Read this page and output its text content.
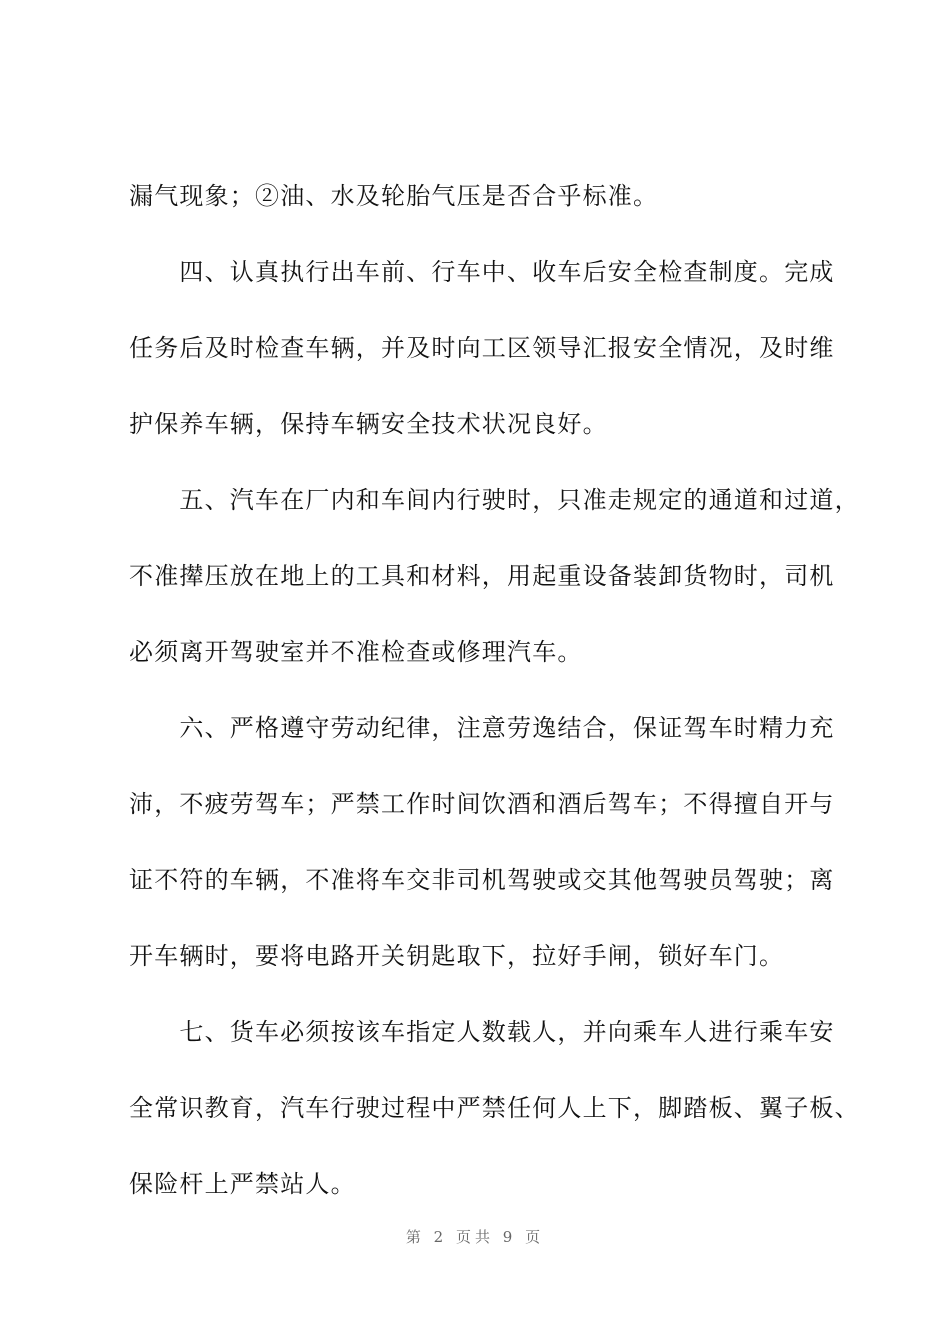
漏气现象；②油、水及轮胎气压是否合乎标准。
　　四、认真执行出车前、行车中、收车后安全检查制度。完成
任务后及时检查车辆，并及时向工区领导汇报安全情况，及时维
护保养车辆，保持车辆安全技术状况良好。
　　五、汽车在厂内和车间内行驶时，只准走规定的通道和过道，
不准撵压放在地上的工具和材料，用起重设备装卸货物时，司机
必须离开驾驶室并不准检查或修理汽车。
　　六、严格遵守劳动纪律，注意劳逸结合，保证驾车时精力充
沛，不疲劳驾车；严禁工作时间饮酒和酒后驾车；不得擅自开与
证不符的车辆，不准将车交非司机驾驶或交其他驾驶员驾驶；离
开车辆时，要将电路开关钥匙取下，拉好手闸，锁好车门。
　　七、货车必须按该车指定人数载人，并向乘车人进行乘车安
全常识教育，汽车行驶过程中严禁任何人上下，脚踏板、翼子板、
保险杆上严禁站人。
第 2 页共 9 页
